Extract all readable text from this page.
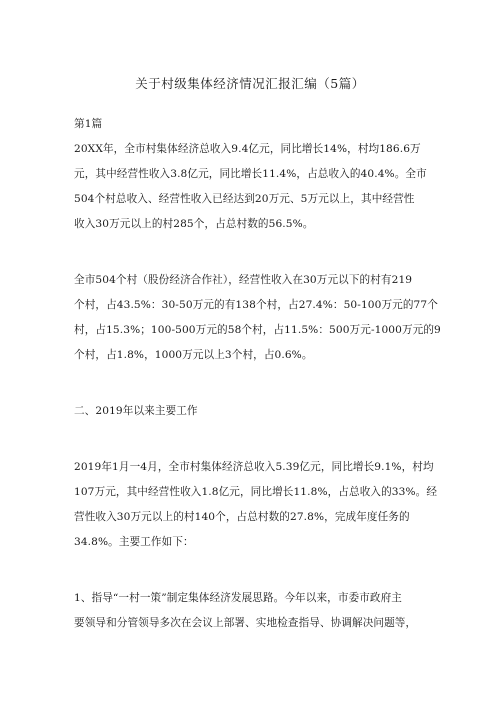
关于村级集体经济情况汇报汇编（5篇）
第1篇
20XX年，全市村集体经济总收入9.4亿元，同比增长14%，村均186.6万
元，其中经营性收入3.8亿元，同比增长11.4%，占总收入的40.4%。全市
504个村总收入、经营性收入已经达到20万元、5万元以上，其中经营性
收入30万元以上的村285个，占总村数的56.5%。
全市504个村（股份经济合作社），经营性收入在30万元以下的村有219
个村，占43.5%：30-50万元的有138个村，占27.4%：50-100万元的77个
村，占15.3%；100-500万元的58个村，占11.5%：500万元-1000万元的9
个村，占1.8%，1000万元以上3个村，占0.6%。
二、2019年以来主要工作
2019年1月一4月，全市村集体经济总收入5.39亿元，同比增长9.1%，村均
107万元，其中经营性收入1.8亿元，同比增长11.8%，占总收入的33%。经
营性收入30万元以上的村140个，占总村数的27.8%，完成年度任务的
34.8%。主要工作如下：
1、指导“一村一策”制定集体经济发展思路。今年以来，市委市政府主
要领导和分管领导多次在会议上部署、实地检查指导、协调解决问题等，
